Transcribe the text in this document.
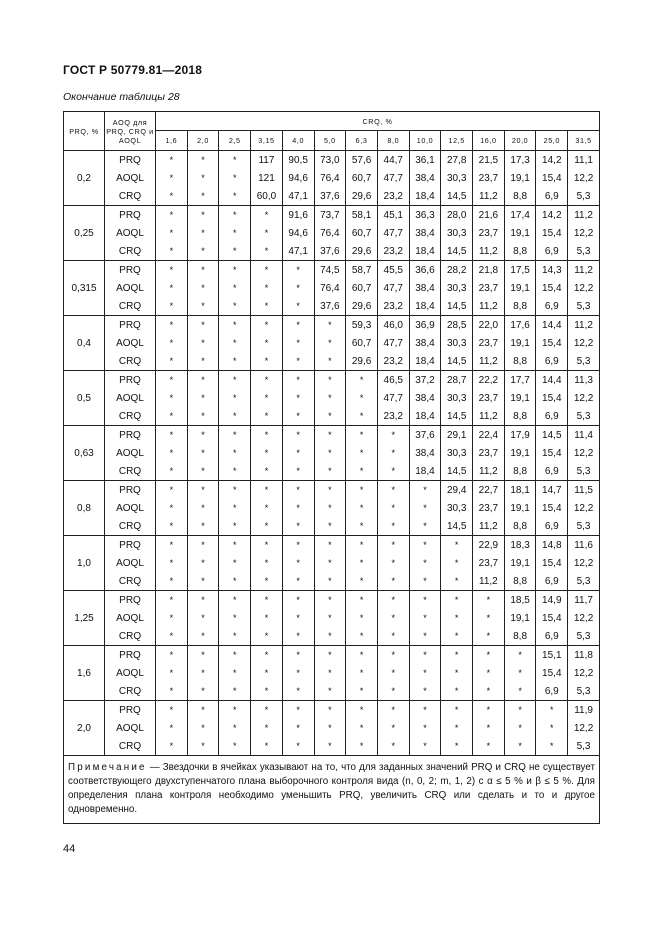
ГОСТ Р 50779.81—2018
Окончание таблицы 28
PRQ, %	AOQ для PRQ, CRQ и AOQL	CRQ, %													
		1,6	2,0	2,5	3,15	4,0	5,0	6,3	8,0	10,0	12,5	16,0	20,0	25,0	31,5
0,2	PRQ	*	*	*	117	90,5	73,0	57,6	44,7	36,1	27,8	21,5	17,3	14,2	11,1
	AOQL	*	*	*	121	94,6	76,4	60,7	47,7	38,4	30,3	23,7	19,1	15,4	12,2
	CRQ	*	*	*	60,0	47,1	37,6	29,6	23,2	18,4	14,5	11,2	8,8	6,9	5,3
0,25	PRQ	*	*	*	*	91,6	73,7	58,1	45,1	36,3	28,0	21,6	17,4	14,2	11,2
	AOQL	*	*	*	*	94,6	76,4	60,7	47,7	38,4	30,3	23,7	19,1	15,4	12,2
	CRQ	*	*	*	*	47,1	37,6	29,6	23,2	18,4	14,5	11,2	8,8	6,9	5,3
0,315	PRQ	*	*	*	*	*	74,5	58,7	45,5	36,6	28,2	21,8	17,5	14,3	11,2
	AOQL	*	*	*	*	*	76,4	60,7	47,7	38,4	30,3	23,7	19,1	15,4	12,2
	CRQ	*	*	*	*	*	37,6	29,6	23,2	18,4	14,5	11,2	8,8	6,9	5,3
0,4	PRQ	*	*	*	*	*	*	59,3	46,0	36,9	28,5	22,0	17,6	14,4	11,2
	AOQL	*	*	*	*	*	*	60,7	47,7	38,4	30,3	23,7	19,1	15,4	12,2
	CRQ	*	*	*	*	*	*	29,6	23,2	18,4	14,5	11,2	8,8	6,9	5,3
0,5	PRQ	*	*	*	*	*	*	*	46,5	37,2	28,7	22,2	17,7	14,4	11,3
	AOQL	*	*	*	*	*	*	*	47,7	38,4	30,3	23,7	19,1	15,4	12,2
	CRQ	*	*	*	*	*	*	*	23,2	18,4	14,5	11,2	8,8	6,9	5,3
0,63	PRQ	*	*	*	*	*	*	*	*	37,6	29,1	22,4	17,9	14,5	11,4
	AOQL	*	*	*	*	*	*	*	*	38,4	30,3	23,7	19,1	15,4	12,2
	CRQ	*	*	*	*	*	*	*	*	18,4	14,5	11,2	8,8	6,9	5,3
0,8	PRQ	*	*	*	*	*	*	*	*	*	29,4	22,7	18,1	14,7	11,5
	AOQL	*	*	*	*	*	*	*	*	*	30,3	23,7	19,1	15,4	12,2
	CRQ	*	*	*	*	*	*	*	*	*	14,5	11,2	8,8	6,9	5,3
1,0	PRQ	*	*	*	*	*	*	*	*	*	*	22,9	18,3	14,8	11,6
	AOQL	*	*	*	*	*	*	*	*	*	*	23,7	19,1	15,4	12,2
	CRQ	*	*	*	*	*	*	*	*	*	*	11,2	8,8	6,9	5,3
1,25	PRQ	*	*	*	*	*	*	*	*	*	*	*	18,5	14,9	11,7
	AOQL	*	*	*	*	*	*	*	*	*	*	*	19,1	15,4	12,2
	CRQ	*	*	*	*	*	*	*	*	*	*	*	8,8	6,9	5,3
1,6	PRQ	*	*	*	*	*	*	*	*	*	*	*	*	15,1	11,8
	AOQL	*	*	*	*	*	*	*	*	*	*	*	*	15,4	12,2
	CRQ	*	*	*	*	*	*	*	*	*	*	*	*	6,9	5,3
2,0	PRQ	*	*	*	*	*	*	*	*	*	*	*	*	*	11,9
	AOQL	*	*	*	*	*	*	*	*	*	*	*	*	*	12,2
	CRQ	*	*	*	*	*	*	*	*	*	*	*	*	*	5,3
Примечание — Звездочки в ячейках указывают на то, что для заданных значений PRQ и CRQ не существует соответствующего двухступенчатого плана выборочного контроля вида (n, 0, 2; m, 1, 2) с α ≤ 5 % и β ≤ 5 %. Для определения плана контроля необходимо уменьшить PRQ, увеличить CRQ или сделать и то и другое одновременно.															
44
